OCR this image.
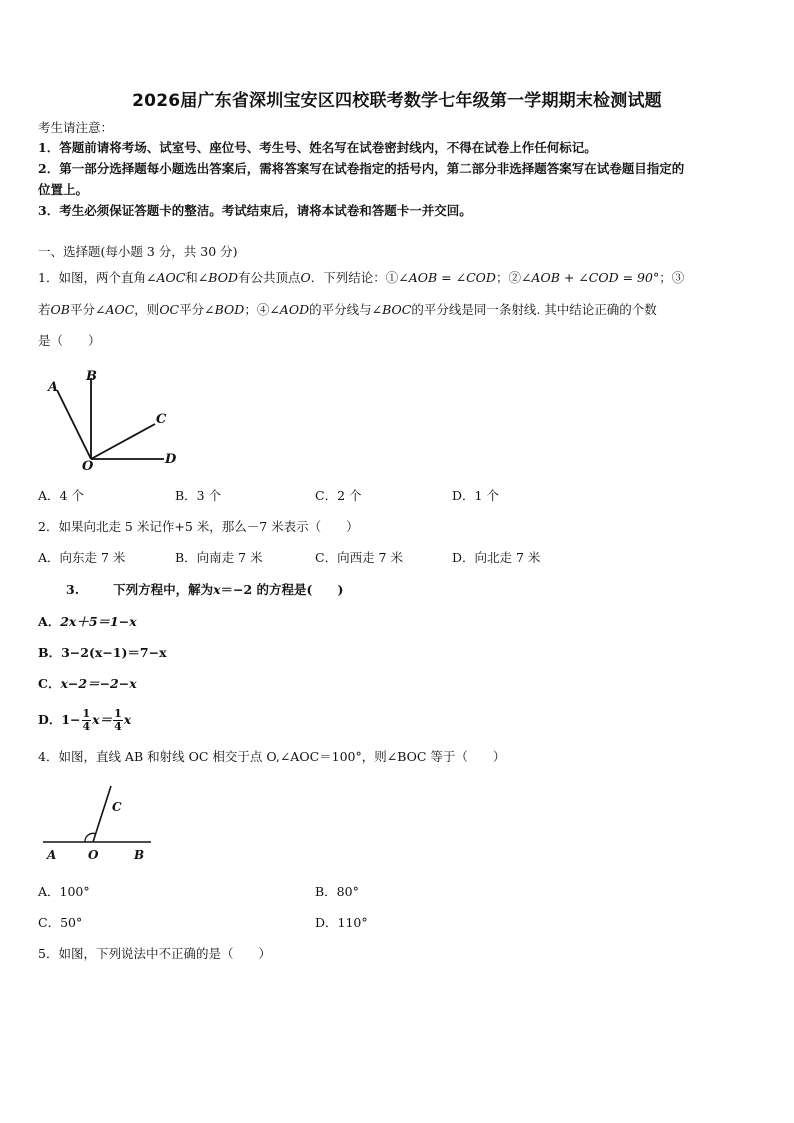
2026届广东省深圳宝安区四校联考数学七年级第一学期期末检测试题
考生请注意：
1．答题前请将考场、试室号、座位号、考生号、姓名写在试卷密封线内，不得在试卷上作任何标记。
2．第一部分选择题每小题选出答案后，需将答案写在试卷指定的括号内，第二部分非选择题答案写在试卷题目指定的
位置上。
3．考生必须保证答题卡的整洁。考试结束后，请将本试卷和答题卡一并交回。
一、选择题(每小题 3 分，共 30 分)
1．如图，两个直角∠AOC和∠BOD有公共顶点O．下列结论：①∠AOB = ∠COD；②∠AOB + ∠COD = 90°；③
若OB平分∠AOC，则OC平分∠BOD；④∠AOD的平分线与∠BOC的平分线是同一条射线. 其中结论正确的个数
是（　　）
A
B
C
D
O
A．4 个	B．3 个	C．2 个	D．1 个
2．如果向北走 5 米记作+5 米，那么－7 米表示（　　）
A．向东走 7 米	B．向南走 7 米	C．向西走 7 米	D．向北走 7 米
3.	下列方程中，解为x＝−2 的方程是(　　)
A．2x＋5＝1−x
B．3−2(x−1)＝7−x
C．x−2＝−2−x
D．$1- \frac{1}{4} x= \frac{1}{4}$ x
4．如图，直线 AB 和射线 OC 相交于点 O,∠AOC＝100°，则∠BOC 等于（　　）
A	O	B
C
A．100°	B．80°
C．50°	D．110°
5．如图，下列说法中不正确的是（　　）
